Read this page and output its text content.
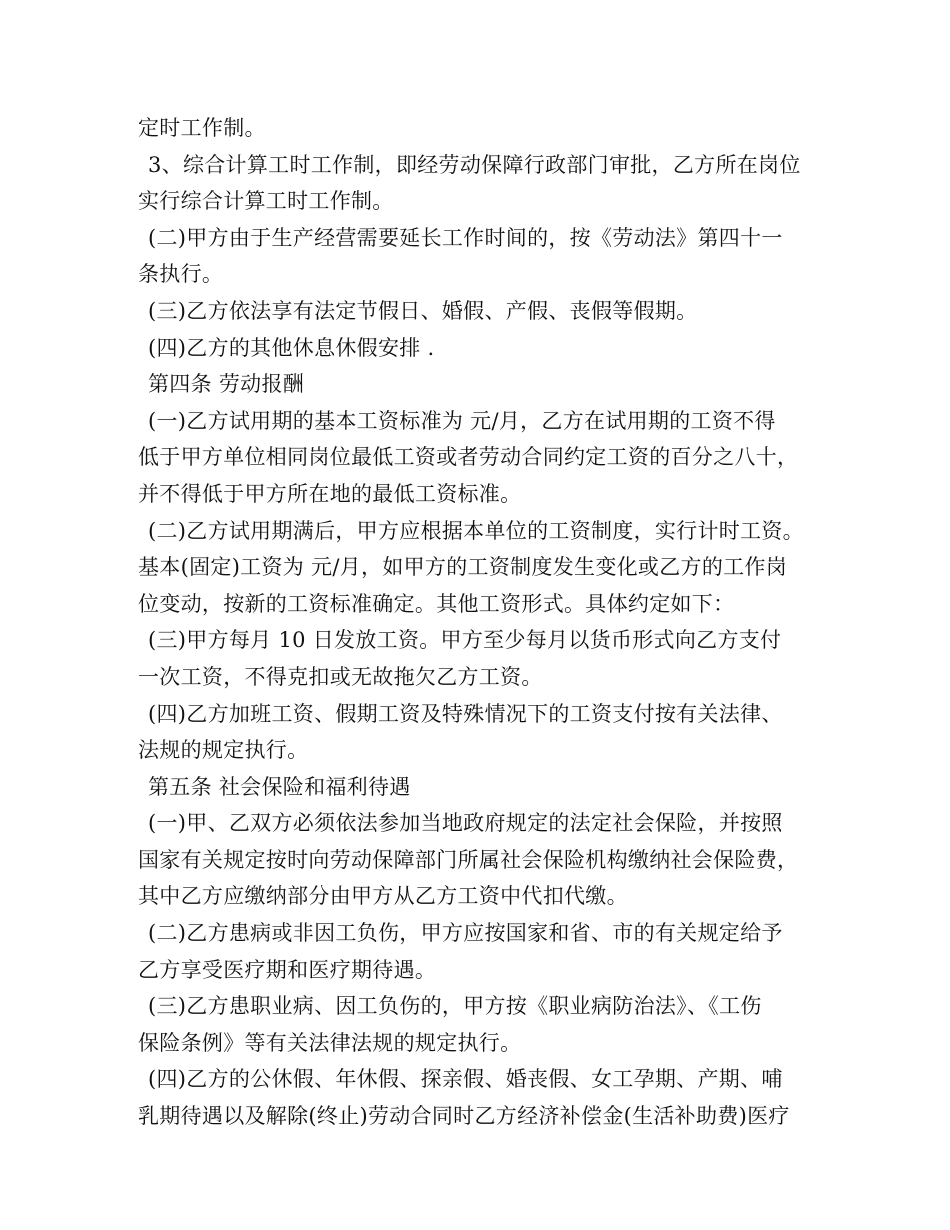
定时工作制。
3、综合计算工时工作制，即经劳动保障行政部门审批，乙方所在岗位
实行综合计算工时工作制。
(二)甲方由于生产经营需要延长工作时间的，按《劳动法》第四十一
条执行。
(三)乙方依法享有法定节假日、婚假、产假、丧假等假期。
(四)乙方的其他休息休假安排 .
第四条 劳动报酬
(一)乙方试用期的基本工资标准为 元/月，乙方在试用期的工资不得
低于甲方单位相同岗位最低工资或者劳动合同约定工资的百分之八十，
并不得低于甲方所在地的最低工资标准。
(二)乙方试用期满后，甲方应根据本单位的工资制度，实行计时工资。
基本(固定)工资为 元/月，如甲方的工资制度发生变化或乙方的工作岗
位变动，按新的工资标准确定。其他工资形式。具体约定如下：
(三)甲方每月 10 日发放工资。甲方至少每月以货币形式向乙方支付
一次工资，不得克扣或无故拖欠乙方工资。
(四)乙方加班工资、假期工资及特殊情况下的工资支付按有关法律、
法规的规定执行。
第五条 社会保险和福利待遇
(一)甲、乙双方必须依法参加当地政府规定的法定社会保险，并按照
国家有关规定按时向劳动保障部门所属社会保险机构缴纳社会保险费，
其中乙方应缴纳部分由甲方从乙方工资中代扣代缴。
(二)乙方患病或非因工负伤，甲方应按国家和省、市的有关规定给予
乙方享受医疗期和医疗期待遇。
(三)乙方患职业病、因工负伤的，甲方按《职业病防治法》、《工伤
保险条例》等有关法律法规的规定执行。
(四)乙方的公休假、年休假、探亲假、婚丧假、女工孕期、产期、哺
乳期待遇以及解除(终止)劳动合同时乙方经济补偿金(生活补助费)医疗
